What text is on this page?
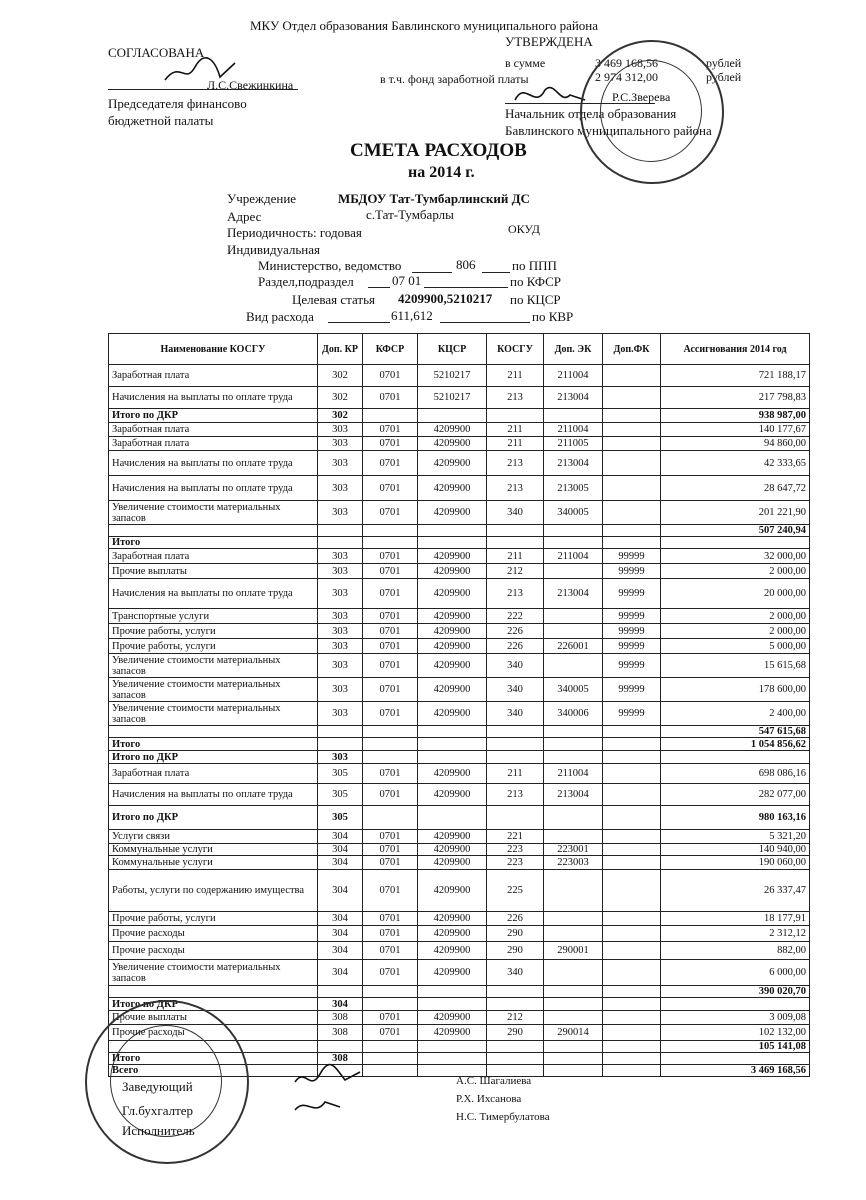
МКУ Отдел образования Бавлинского муниципального района
СОГЛАСОВАНА
Л.С.Свежинкина
Председателя финансово
бюджетной палаты
УТВЕРЖДЕНА
в сумме	3 469 168,56	рублей
в т.ч. фонд заработной платы	2 974 312,00	рублей
Р.С.Зверева
Начальник отдела образования
Бавлинского муниципального района
СМЕТА РАСХОДОВ
на 2014 г.
Учреждение	МБДОУ Тат-Тумбарлинский ДС
Адрес	с.Тат-Тумбарлы
Периодичность: годовая	ОКУД
Индивидуальная
Министерство, ведомство	806	по ППП
Раздел,подраздел	07 01	по КФСР
Целевая статья 4209900,5210217 по КЦСР
Вид расхода	611,612	по КВР
Наименование КОСГУ	Доп. КР	КФСР	КЦСР	КОСГУ	Доп. ЭК	Доп.ФК	Ассигнования 2014 год
Заработная плата	302	0701	5210217	211	211004		721 188,17
Начисления на выплаты по оплате труда	302	0701	5210217	213	213004		217 798,83
Итого по ДКР	302						938 987,00
Заработная плата	303	0701	4209900	211	211004		140 177,67
Заработная плата	303	0701	4209900	211	211005		94 860,00
Начисления на выплаты по оплате труда	303	0701	4209900	213	213004		42 333,65
Начисления на выплаты по оплате труда	303	0701	4209900	213	213005		28 647,72
Увеличение стоимости материальных запасов	303	0701	4209900	340	340005		201 221,90
							507 240,94
Итого							
Заработная плата	303	0701	4209900	211	211004	99999	32 000,00
Прочие выплаты	303	0701	4209900	212		99999	2 000,00
Начисления на выплаты по оплате труда	303	0701	4209900	213	213004	99999	20 000,00
Транспортные услуги	303	0701	4209900	222		99999	2 000,00
Прочие работы, услуги	303	0701	4209900	226		99999	2 000,00
Прочие работы, услуги	303	0701	4209900	226	226001	99999	5 000,00
Увеличение стоимости материальных запасов	303	0701	4209900	340		99999	15 615,68
Увеличение стоимости материальных запасов	303	0701	4209900	340	340005	99999	178 600,00
Увеличение стоимости материальных запасов	303	0701	4209900	340	340006	99999	2 400,00
							547 615,68
Итого							1 054 856,62
Итого по ДКР	303						
Заработная плата	305	0701	4209900	211	211004		698 086,16
Начисления на выплаты по оплате труда	305	0701	4209900	213	213004		282 077,00
Итого по ДКР	305						980 163,16
Услуги связи	304	0701	4209900	221			5 321,20
Коммунальные услуги	304	0701	4209900	223	223001		140 940,00
Коммунальные услуги	304	0701	4209900	223	223003		190 060,00
Работы, услуги по содержанию имущества	304	0701	4209900	225			26 337,47
Прочие работы, услуги	304	0701	4209900	226			18 177,91
Прочие расходы	304	0701	4209900	290			2 312,12
Прочие расходы	304	0701	4209900	290	290001		882,00
Увеличение стоимости материальных запасов	304	0701	4209900	340			6 000,00
							390 020,70
Итого по ДКР	304						
Прочие выплаты	308	0701	4209900	212			3 009,08
Прочие расходы	308	0701	4209900	290	290014		102 132,00
							105 141,08
Итого	308						
Всего							3 469 168,56
Заведующий
Гл.бухгалтер
Исполнитель
А.С. Шагалиева
Р.Х. Ихсанова
Н.С. Тимербулатова
